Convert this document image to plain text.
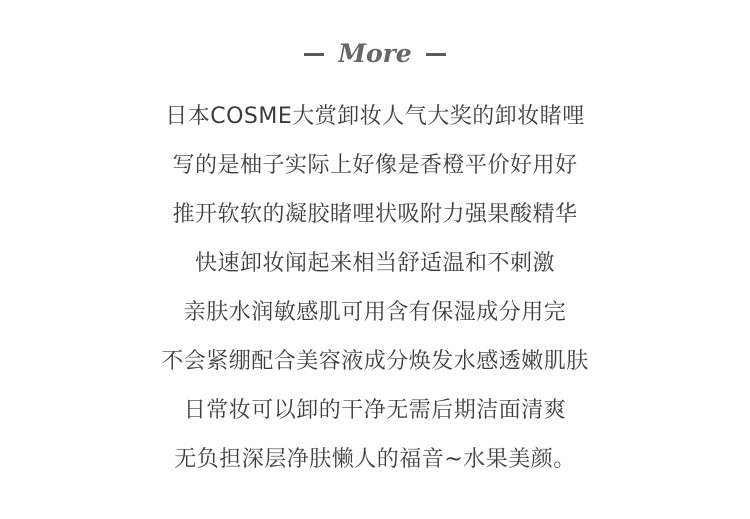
More
日本COSME大赏卸妆人气大奖的卸妆睹哩
写的是柚子实际上好像是香橙平价好用好
推开软软的凝胶睹哩状吸附力强果酸精华
快速卸妆闻起来相当舒适温和不刺激
亲肤水润敏感肌可用含有保湿成分用完
不会紧绷配合美容液成分焕发水感透嫩肌肤
日常妆可以卸的干净无需后期洁面清爽
无负担深层净肤懒人的福音~水果美颜。
